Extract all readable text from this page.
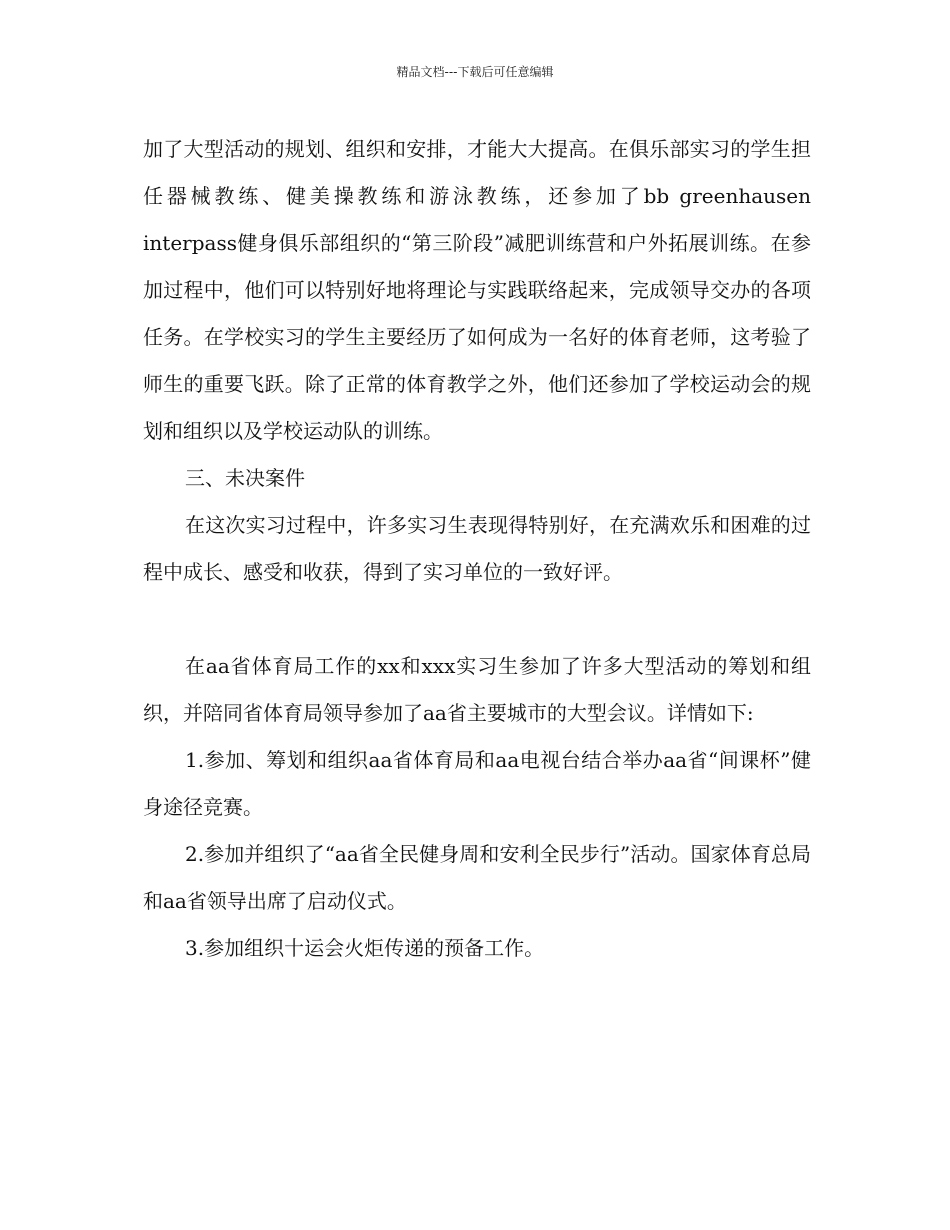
精品文档---下载后可任意编辑

加了大型活动的规划、组织和安排，才能大大提高。在俱乐部实习的学生担任器械教练、健美操教练和游泳教练，还参加了bb greenhausen interpass健身俱乐部组织的“第三阶段”减肥训练营和户外拓展训练。在参加过程中，他们可以特别好地将理论与实践联络起来，完成领导交办的各项任务。在学校实习的学生主要经历了如何成为一名好的体育老师，这考验了师生的重要飞跃。除了正常的体育教学之外，他们还参加了学校运动会的规划和组织以及学校运动队的训练。

三、未决案件

在这次实习过程中，许多实习生表现得特别好，在充满欢乐和困难的过程中成长、感受和收获，得到了实习单位的一致好评。

在aa省体育局工作的xx和xxx实习生参加了许多大型活动的筹划和组织，并陪同省体育局领导参加了aa省主要城市的大型会议。详情如下:

1.参加、筹划和组织aa省体育局和aa电视台结合举办aa省“间课杯”健身途径竞赛。

2.参加并组织了“aa省全民健身周和安利全民步行”活动。国家体育总局和aa省领导出席了启动仪式。

3.参加组织十运会火炬传递的预备工作。
